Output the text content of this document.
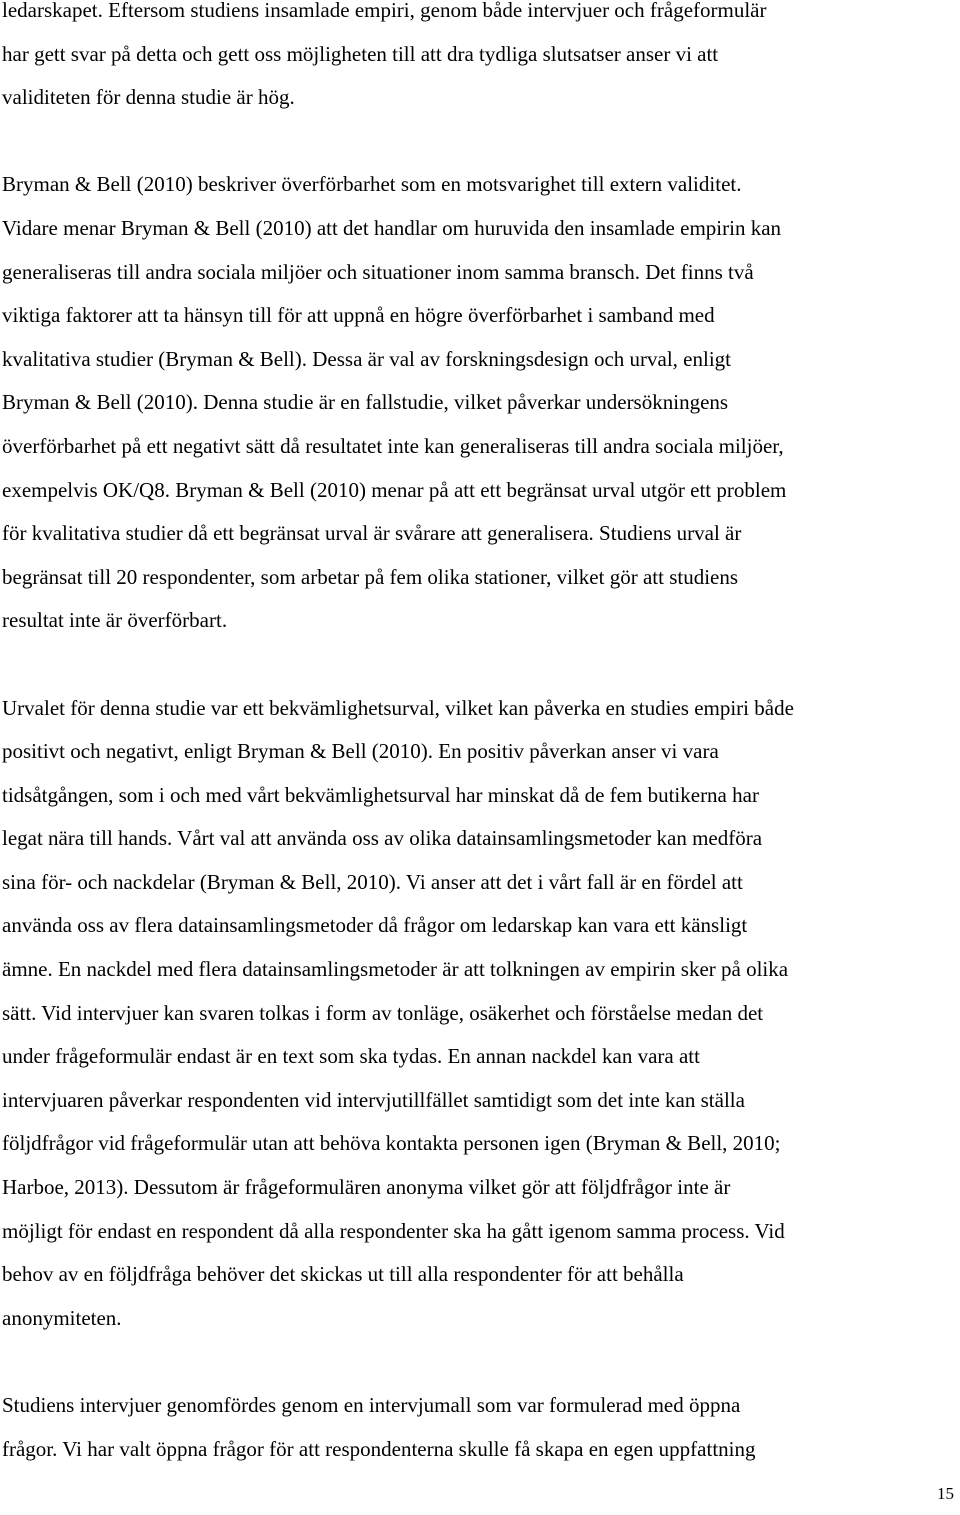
ledarskapet. Eftersom studiens insamlade empiri, genom både intervjuer och frågeformulär
har gett svar på detta och gett oss möjligheten till att dra tydliga slutsatser anser vi att
validiteten för denna studie är hög.
Bryman & Bell (2010) beskriver överförbarhet som en motsvarighet till extern validitet.
Vidare menar Bryman & Bell (2010) att det handlar om huruvida den insamlade empirin kan
generaliseras till andra sociala miljöer och situationer inom samma bransch. Det finns två
viktiga faktorer att ta hänsyn till för att uppnå en högre överförbarhet i samband med
kvalitativa studier (Bryman & Bell). Dessa är val av forskningsdesign och urval, enligt
Bryman & Bell (2010). Denna studie är en fallstudie, vilket påverkar undersökningens
överförbarhet på ett negativt sätt då resultatet inte kan generaliseras till andra sociala miljöer,
exempelvis OK/Q8. Bryman & Bell (2010) menar på att ett begränsat urval utgör ett problem
för kvalitativa studier då ett begränsat urval är svårare att generalisera. Studiens urval är
begränsat till 20 respondenter, som arbetar på fem olika stationer, vilket gör att studiens
resultat inte är överförbart.
Urvalet för denna studie var ett bekvämlighetsurval, vilket kan påverka en studies empiri både
positivt och negativt, enligt Bryman & Bell (2010). En positiv påverkan anser vi vara
tidsåtgången, som i och med vårt bekvämlighetsurval har minskat då de fem butikerna har
legat nära till hands. Vårt val att använda oss av olika datainsamlingsmetoder kan medföra
sina för- och nackdelar (Bryman & Bell, 2010). Vi anser att det i vårt fall är en fördel att
använda oss av flera datainsamlingsmetoder då frågor om ledarskap kan vara ett känsligt
ämne. En nackdel med flera datainsamlingsmetoder är att tolkningen av empirin sker på olika
sätt. Vid intervjuer kan svaren tolkas i form av tonläge, osäkerhet och förståelse medan det
under frågeformulär endast är en text som ska tydas. En annan nackdel kan vara att
intervjuaren påverkar respondenten vid intervjutillfället samtidigt som det inte kan ställa
följdfrågor vid frågeformulär utan att behöva kontakta personen igen (Bryman & Bell, 2010;
Harboe, 2013). Dessutom är frågeformulären anonyma vilket gör att följdfrågor inte är
möjligt för endast en respondent då alla respondenter ska ha gått igenom samma process. Vid
behov av en följdfråga behöver det skickas ut till alla respondenter för att behålla
anonymiteten.
Studiens intervjuer genomfördes genom en intervjumall som var formulerad med öppna
frågor. Vi har valt öppna frågor för att respondenterna skulle få skapa en egen uppfattning
15
